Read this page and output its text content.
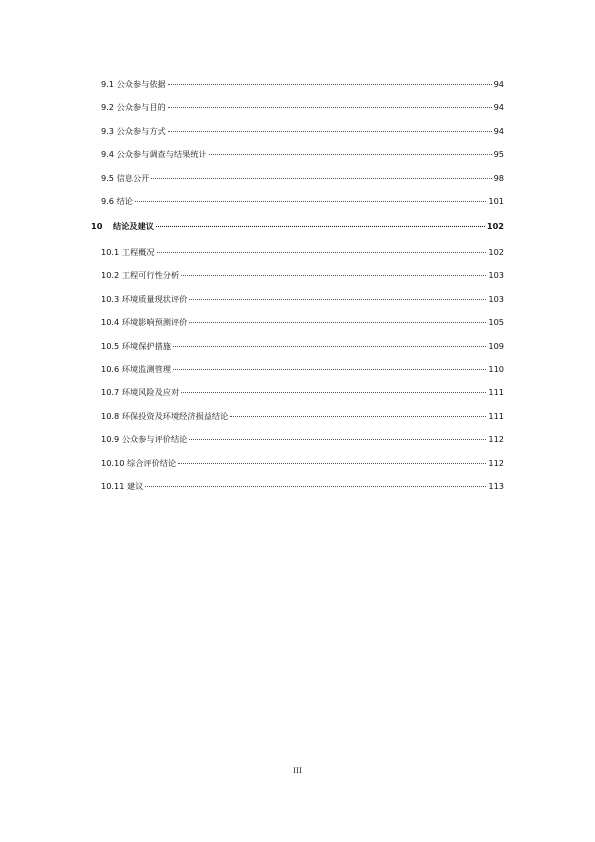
9.1 公众参与依据	94
9.2 公众参与目的	94
9.3 公众参与方式	94
9.4 公众参与调查与结果统计	95
9.5 信息公开	98
9.6 结论	101
10 结论及建议	102
10.1 工程概况	102
10.2 工程可行性分析	103
10.3 环境质量现状评价	103
10.4 环境影响预测评价	105
10.5 环境保护措施	109
10.6 环境监测管理	110
10.7 环境风险及应对	111
10.8 环保投资及环境经济损益结论	111
10.9 公众参与评价结论	112
10.10 综合评价结论	112
10.11 建议	113
III
